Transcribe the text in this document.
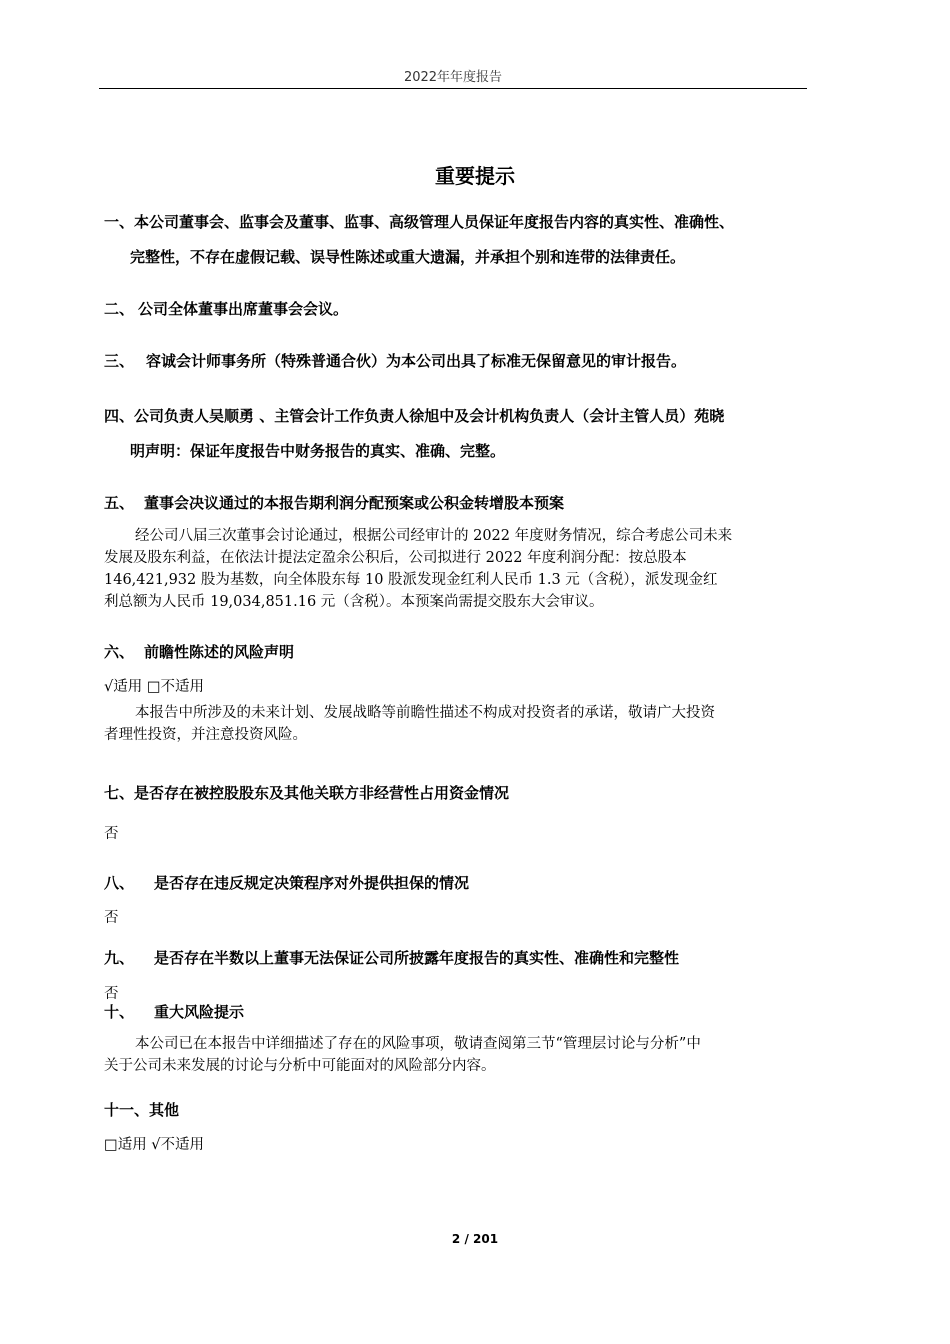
2022年年度报告
重要提示
一、本公司董事会、监事会及董事、监事、高级管理人员保证年度报告内容的真实性、准确性、
完整性，不存在虚假记载、误导性陈述或重大遗漏，并承担个别和连带的法律责任。
二、 公司全体董事出席董事会会议。
三、 容诚会计师事务所（特殊普通合伙）为本公司出具了标准无保留意见的审计报告。
四、公司负责人吴顺勇 、主管会计工作负责人徐旭中及会计机构负责人（会计主管人员）苑晓
明声明：保证年度报告中财务报告的真实、准确、完整。
五、 董事会决议通过的本报告期利润分配预案或公积金转增股本预案
经公司八届三次董事会讨论通过，根据公司经审计的 2022 年度财务情况，综合考虑公司未来
发展及股东利益，在依法计提法定盈余公积后，公司拟进行 2022 年度利润分配：按总股本
146,421,932 股为基数，向全体股东每 10 股派发现金红利人民币 1.3 元（含税），派发现金红
利总额为人民币 19,034,851.16 元（含税）。本预案尚需提交股东大会审议。
六、 前瞻性陈述的风险声明
√适用 □不适用
本报告中所涉及的未来计划、发展战略等前瞻性描述不构成对投资者的承诺，敬请广大投资
者理性投资，并注意投资风险。
七、是否存在被控股股东及其他关联方非经营性占用资金情况
否
八、 是否存在违反规定决策程序对外提供担保的情况
否
九、 是否存在半数以上董事无法保证公司所披露年度报告的真实性、准确性和完整性
否
十、 重大风险提示
本公司已在本报告中详细描述了存在的风险事项，敬请查阅第三节“管理层讨论与分析”中
关于公司未来发展的讨论与分析中可能面对的风险部分内容。
十一、其他
□适用 √不适用
2 / 201
